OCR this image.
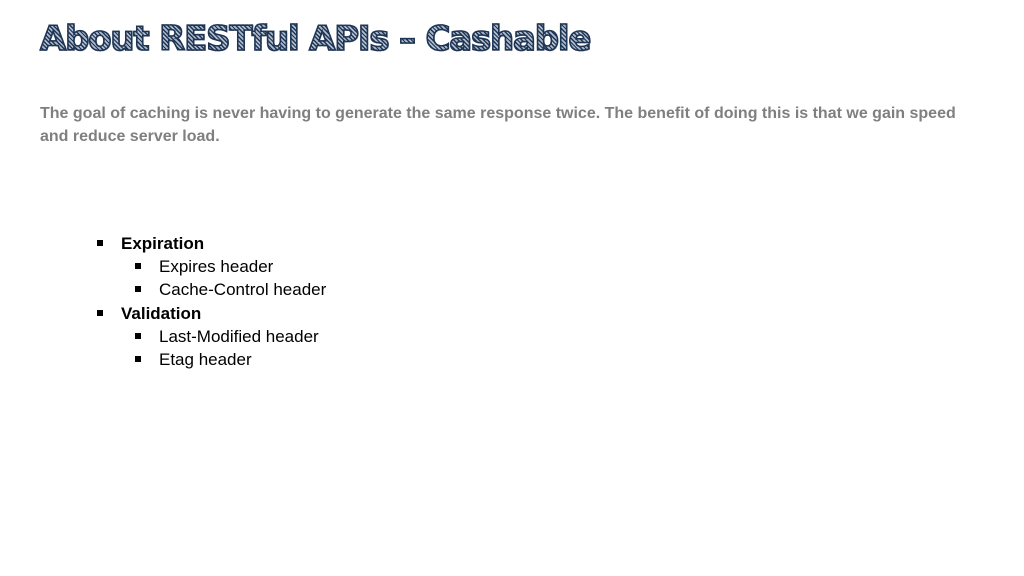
About RESTful APIs – Cashable

The goal of caching is never having to generate the same response twice. The benefit of doing this is that we gain speed and reduce server load.

Expiration
Expires header
Cache-Control header
Validation
Last-Modified header
Etag header
